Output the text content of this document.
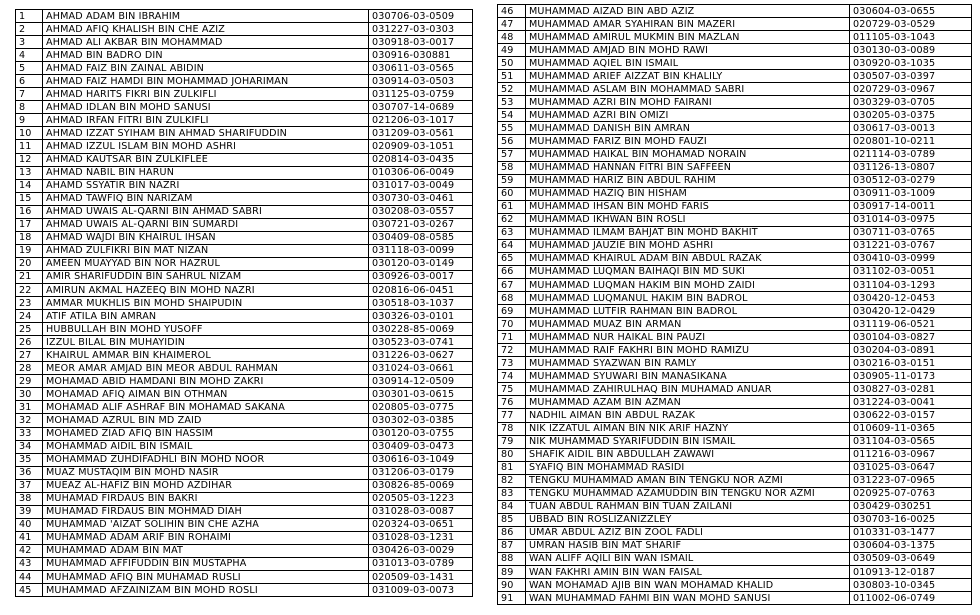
1	AHMAD ADAM BIN IBRAHIM	030706-03-0509
2	AHMAD AFIQ KHALISH BIN CHE AZIZ	031227-03-0303
3	AHMAD ALI AKBAR BIN MOHAMMAD	030918-03-0017
4	AHMAD BIN BADRO DIN	030916-030881
5	AHMAD FAIZ BIN ZAINAL ABIDIN	030611-03-0565
6	AHMAD FAIZ HAMDI BIN MOHAMMAD JOHARIMAN	030914-03-0503
7	AHMAD HARITS FIKRI BIN ZULKIFLI	031125-03-0759
8	AHMAD IDLAN BIN MOHD SANUSI	030707-14-0689
9	AHMAD IRFAN FITRI BIN ZULKIFLI	021206-03-1017
10	AHMAD IZZAT SYIHAM BIN AHMAD SHARIFUDDIN	031209-03-0561
11	AHMAD IZZUL ISLAM BIN MOHD ASHRI	020909-03-1051
12	AHMAD KAUTSAR BIN ZULKIFLEE	020814-03-0435
13	AHMAD NABIL BIN HARUN	010306-06-0049
14	AHAMD SSYATIR BIN NAZRI	031017-03-0049
15	AHMAD TAWFIQ BIN NARIZAM	030730-03-0461
16	AHMAD UWAIS AL-QARNI BIN AHMAD SABRI	030208-03-0557
17	AHMAD UWAIS AL-QARNI BIN SUMARDI	030721-03-0267
18	AHMAD WAJDI BIN KHAIRUL IHSAN	030409-08-0585
19	AHMAD ZULFIKRI BIN MAT NIZAN	031118-03-0099
20	AMEEN MUAYYAD BIN NOR HAZRUL	030120-03-0149
21	AMIR SHARIFUDDIN BIN SAHRUL NIZAM	030926-03-0017
22	AMIRUN AKMAL HAZEEQ BIN MOHD NAZRI	020816-06-0451
23	AMMAR MUKHLIS BIN MOHD SHAIPUDIN	030518-03-1037
24	ATIF ATILA BIN AMRAN	030326-03-0101
25	HUBBULLAH BIN MOHD YUSOFF	030228-85-0069
26	IZZUL BILAL BIN MUHAYIDIN	030523-03-0741
27	KHAIRUL AMMAR BIN KHAIMEROL	031226-03-0627
28	MEOR AMAR AMJAD BIN MEOR ABDUL RAHMAN	031024-03-0661
29	MOHAMAD ABID HAMDANI BIN MOHD ZAKRI	030914-12-0509
30	MOHAMAD AFIQ AIMAN BIN OTHMAN	030301-03-0615
31	MOHAMAD ALIF ASHRAF BIN MOHAMAD SAKANA	020805-03-0775
32	MOHAMAD AZRUL BIN MD ZAID	030302-03-0385
33	MOHAMED ZIAD AFIQ BIN HASSIM	030120-03-0755
34	MOHAMMAD AIDIL BIN ISMAIL	030409-03-0473
35	MOHAMMAD ZUHDIFADHLI BIN MOHD NOOR	030616-03-1049
36	MUAZ MUSTAQIM BIN MOHD NASIR	031206-03-0179
37	MUEAZ AL-HAFIZ BIN MOHD AZDIHAR	030826-85-0069
38	MUHAMAD FIRDAUS BIN BAKRI	020505-03-1223
39	MUHAMAD FIRDAUS BIN MOHMAD DIAH	031028-03-0087
40	MUHAMMAD 'AIZAT SOLIHIN BIN CHE AZHA	020324-03-0651
41	MUHAMMAD ADAM ARIF BIN ROHAIMI	031028-03-1231
42	MUHAMMAD ADAM BIN MAT	030426-03-0029
43	MUHAMMAD AFFIFUDDIN BIN MUSTAPHA	031013-03-0789
44	MUHAMMAD AFIQ BIN MUHAMAD RUSLI	020509-03-1431
45	MUHAMMAD AFZAINIZAM BIN MOHD ROSLI	031009-03-0073
46	MUHAMMAD AIZAD BIN ABD AZIZ	030604-03-0655
47	MUHAMMAD AMAR SYAHIRAN BIN MAZERI	020729-03-0529
48	MUHAMMAD AMIRUL MUKMIN BIN MAZLAN	011105-03-1043
49	MUHAMMAD AMJAD BIN MOHD RAWI	030130-03-0089
50	MUHAMMAD AQIEL BIN ISMAIL	030920-03-1035
51	MUHAMMAD ARIEF AIZZAT BIN KHALILY	030507-03-0397
52	MUHAMMAD ASLAM BIN MOHAMMAD SABRI	020729-03-0967
53	MUHAMMAD AZRI BIN MOHD FAIRANI	030329-03-0705
54	MUHAMMAD AZRI BIN OMIZI	030205-03-0375
55	MUHAMMAD DANISH BIN AMRAN	030617-03-0013
56	MUHAMMAD FARIZ BIN MOHD FAUZI	020801-10-0211
57	MUHAMMAD HAIKAL BIN MOHAMAD NORAIN	021114-03-0789
58	MUHAMMAD HANNAN FITRI BIN SAFFEEN	031126-13-0807
59	MUHAMMAD HARIZ BIN ABDUL RAHIM	030512-03-0279
60	MUHAMMAD HAZIQ BIN HISHAM	030911-03-1009
61	MUHAMMAD IHSAN BIN MOHD FARIS	030917-14-0011
62	MUHAMMAD IKHWAN BIN ROSLI	031014-03-0975
63	MUHAMMAD ILMAM BAHJAT BIN MOHD BAKHIT	030711-03-0765
64	MUHAMMAD JAUZIE BIN MOHD ASHRI	031221-03-0767
65	MUHAMMAD KHAIRUL ADAM BIN ABDUL RAZAK	030410-03-0999
66	MUHAMMAD LUQMAN BAIHAQI BIN MD SUKI	031102-03-0051
67	MUHAMMAD LUQMAN HAKIM BIN MOHD ZAIDI	031104-03-1293
68	MUHAMMAD LUQMANUL HAKIM BIN BADROL	030420-12-0453
69	MUHAMMAD LUTFIR RAHMAN BIN BADROL	030420-12-0429
70	MUHAMMAD MUAZ BIN ARMAN	031119-06-0521
71	MUHAMMAD NUR HAIKAL BIN PAUZI	030104-03-0827
72	MUHAMMAD RAIF FAKHRI BIN MOHD RAMIZU	030204-03-0891
73	MUHAMMAD SYAZWAN BIN RAMLY	030216-03-0151
74	MUHAMMAD SYUWARI BIN MANASIKANA	030905-11-0173
75	MUHAMMAD ZAHIRULHAQ BIN MUHAMAD ANUAR	030827-03-0281
76	MUHAMMAD AZAM BIN AZMAN	031224-03-0041
77	NADHIL AIMAN BIN ABDUL RAZAK	030622-03-0157
78	NIK IZZATUL AIMAN BIN NIK ARIF HAZNY	010609-11-0365
79	NIK MUHAMMAD SYARIFUDDIN BIN ISMAIL	031104-03-0565
80	SHAFIK AIDIL BIN ABDULLAH ZAWAWI	011216-03-0967
81	SYAFIQ BIN MOHAMMAD RASIDI	031025-03-0647
82	TENGKU MUHAMMAD AMAN BIN TENGKU NOR AZMI	031223-07-0965
83	TENGKU MUHAMMAD AZAMUDDIN BIN TENGKU NOR AZMI	020925-07-0763
84	TUAN ABDUL RAHMAN BIN TUAN ZAILANI	030429-030251
85	UBBAD BIN ROSLIZANIZZLEY	030703-16-0025
86	UMAR ABDUL AZIZ BIN ZOOL FADLI	010331-03-1477
87	UMRAN HASIB BIN MAT SHARIF	030604-03-1375
88	WAN ALIFF AQILI BIN WAN ISMAIL	030509-03-0649
89	WAN FAKHRI AMIN BIN WAN FAISAL	010913-12-0187
90	WAN MOHAMAD AJIB BIN WAN MOHAMAD KHALID	030803-10-0345
91	WAN MUHAMMAD FAHMI BIN WAN MOHD SANUSI	011002-06-0749
